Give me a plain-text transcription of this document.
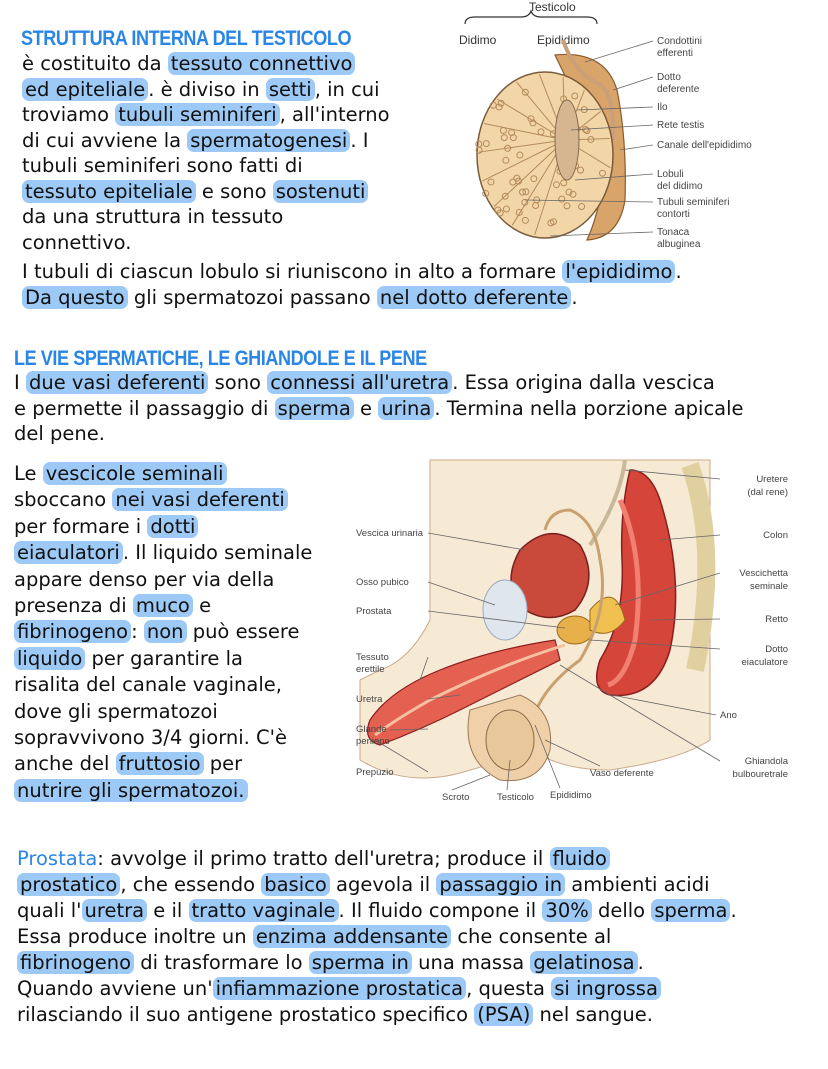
STRUTTURA INTERNA DEL TESTICOLO
è costituito da tessuto connettivo
ed epiteliale . è diviso in setti , in cui
troviamo tubuli seminiferi , all'interno
di cui avviene la spermatogenesi . I
tubuli seminiferi sono fatti di
tessuto epiteliale e sono sostenuti
da una struttura in tessuto
connettivo.
I tubuli di ciascun lobulo si riuniscono in alto a formare l'epididimo .
Da questo gli spermatozoi passano nel dotto deferente .
Testicolo
Didimo	Epididimo	Condottini efferenti
Dotto deferente
Ilo
Rete testis
Canale dell'epididimo
Lobuli del didimo
Tubuli seminiferi contorti
Tonaca albuginea
LE VIE SPERMATICHE, LE GHIANDOLE E IL PENE
I due vasi deferenti sono connessi all'uretra . Essa origina dalla vescica
e permette il passaggio di sperma e urina . Termina nella porzione apicale
del pene.
Le vescicole seminali
sboccano nei vasi deferenti
per formare i dotti
eiaculatori . Il liquido seminale
appare denso per via della
presenza di muco e
fibrinogeno : non può essere
liquido per garantire la
risalita del canale vaginale,
dove gli spermatozoi
sopravvivono 3/4 giorni. C'è
anche del fruttosio per
nutrire gli spermatozoi.
Vescica urinaria
Osso pubico
Prostata
Tessuto erettile
Uretra
Glande penieno
Prepuzio
Scroto	Testicolo Epididimo
Vaso deferente
Uretere (dal rene)
Colon
Vescichetta seminale
Retto
Dotto eiaculatore
Ano
Ghiandola bulbouretrale
Prostata: avvolge il primo tratto dell'uretra; produce il fluido
prostatico , che essendo basico agevola il passaggio in ambienti acidi
quali l' uretra e il tratto vaginale . Il fluido compone il 30% dello sperma .
Essa produce inoltre un enzima addensante che consente al
fibrinogeno di trasformare lo sperma in una massa gelatinosa .
Quando avviene un' infiammazione prostatica , questa si ingrossa
rilasciando il suo antigene prostatico specifico (PSA) nel sangue.
